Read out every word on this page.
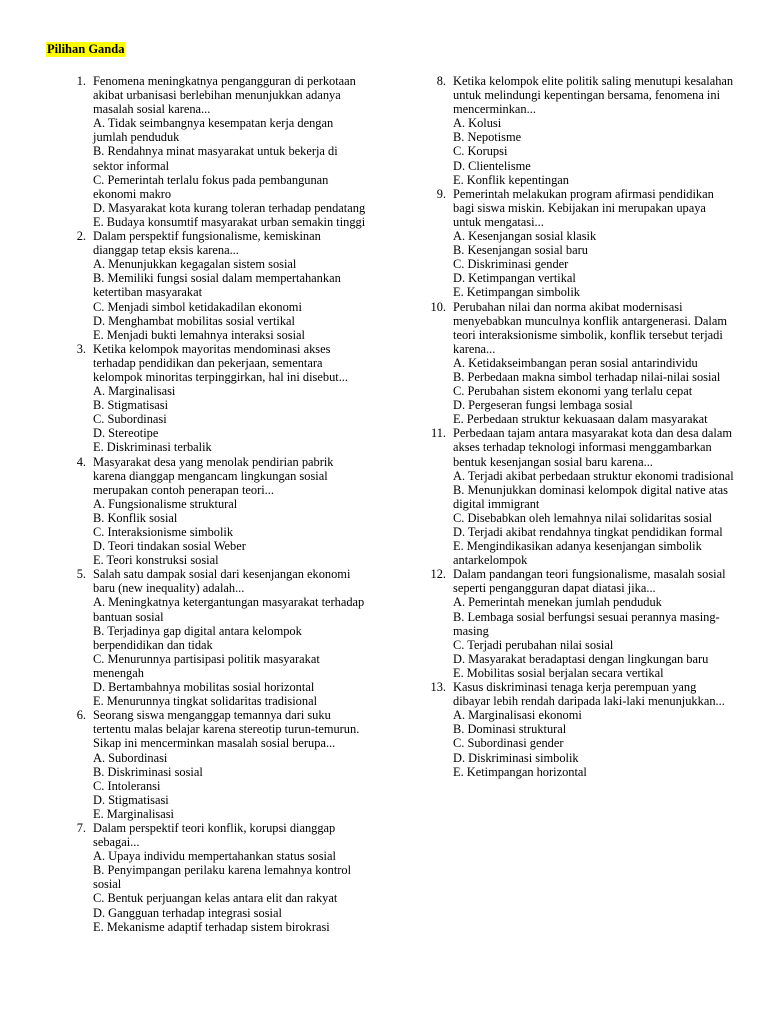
Pilihan Ganda
1. Fenomena meningkatnya pengangguran di perkotaan akibat urbanisasi berlebihan menunjukkan adanya masalah sosial karena...
A. Tidak seimbangnya kesempatan kerja dengan jumlah penduduk
B. Rendahnya minat masyarakat untuk bekerja di sektor informal
C. Pemerintah terlalu fokus pada pembangunan ekonomi makro
D. Masyarakat kota kurang toleran terhadap pendatang
E. Budaya konsumtif masyarakat urban semakin tinggi
2. Dalam perspektif fungsionalisme, kemiskinan dianggap tetap eksis karena...
A. Menunjukkan kegagalan sistem sosial
B. Memiliki fungsi sosial dalam mempertahankan ketertiban masyarakat
C. Menjadi simbol ketidakadilan ekonomi
D. Menghambat mobilitas sosial vertikal
E. Menjadi bukti lemahnya interaksi sosial
3. Ketika kelompok mayoritas mendominasi akses terhadap pendidikan dan pekerjaan, sementara kelompok minoritas terpinggirkan, hal ini disebut...
A. Marginalisasi
B. Stigmatisasi
C. Subordinasi
D. Stereotipe
E. Diskriminasi terbalik
4. Masyarakat desa yang menolak pendirian pabrik karena dianggap mengancam lingkungan sosial merupakan contoh penerapan teori...
A. Fungsionalisme struktural
B. Konflik sosial
C. Interaksionisme simbolik
D. Teori tindakan sosial Weber
E. Teori konstruksi sosial
5. Salah satu dampak sosial dari kesenjangan ekonomi baru (new inequality) adalah...
A. Meningkatnya ketergantungan masyarakat terhadap bantuan sosial
B. Terjadinya gap digital antara kelompok berpendidikan dan tidak
C. Menurunnya partisipasi politik masyarakat menengah
D. Bertambahnya mobilitas sosial horizontal
E. Menurunnya tingkat solidaritas tradisional
6. Seorang siswa menganggap temannya dari suku tertentu malas belajar karena stereotip turun-temurun. Sikap ini mencerminkan masalah sosial berupa...
A. Subordinasi
B. Diskriminasi sosial
C. Intoleransi
D. Stigmatisasi
E. Marginalisasi
7. Dalam perspektif teori konflik, korupsi dianggap sebagai...
A. Upaya individu mempertahankan status sosial
B. Penyimpangan perilaku karena lemahnya kontrol sosial
C. Bentuk perjuangan kelas antara elit dan rakyat
D. Gangguan terhadap integrasi sosial
E. Mekanisme adaptif terhadap sistem birokrasi
8. Ketika kelompok elite politik saling menutupi kesalahan untuk melindungi kepentingan bersama, fenomena ini mencerminkan...
A. Kolusi
B. Nepotisme
C. Korupsi
D. Clientelisme
E. Konflik kepentingan
9. Pemerintah melakukan program afirmasi pendidikan bagi siswa miskin. Kebijakan ini merupakan upaya untuk mengatasi...
A. Kesenjangan sosial klasik
B. Kesenjangan sosial baru
C. Diskriminasi gender
D. Ketimpangan vertikal
E. Ketimpangan simbolik
10. Perubahan nilai dan norma akibat modernisasi menyebabkan munculnya konflik antargenerasi. Dalam teori interaksionisme simbolik, konflik tersebut terjadi karena...
A. Ketidakseimbangan peran sosial antarindividu
B. Perbedaan makna simbol terhadap nilai-nilai sosial
C. Perubahan sistem ekonomi yang terlalu cepat
D. Pergeseran fungsi lembaga sosial
E. Perbedaan struktur kekuasaan dalam masyarakat
11. Perbedaan tajam antara masyarakat kota dan desa dalam akses terhadap teknologi informasi menggambarkan bentuk kesenjangan sosial baru karena...
A. Terjadi akibat perbedaan struktur ekonomi tradisional
B. Menunjukkan dominasi kelompok digital native atas digital immigrant
C. Disebabkan oleh lemahnya nilai solidaritas sosial
D. Terjadi akibat rendahnya tingkat pendidikan formal
E. Mengindikasikan adanya kesenjangan simbolik antarkelompok
12. Dalam pandangan teori fungsionalisme, masalah sosial seperti pengangguran dapat diatasi jika...
A. Pemerintah menekan jumlah penduduk
B. Lembaga sosial berfungsi sesuai perannya masing-masing
C. Terjadi perubahan nilai sosial
D. Masyarakat beradaptasi dengan lingkungan baru
E. Mobilitas sosial berjalan secara vertikal
13. Kasus diskriminasi tenaga kerja perempuan yang dibayar lebih rendah daripada laki-laki menunjukkan...
A. Marginalisasi ekonomi
B. Dominasi struktural
C. Subordinasi gender
D. Diskriminasi simbolik
E. Ketimpangan horizontal
